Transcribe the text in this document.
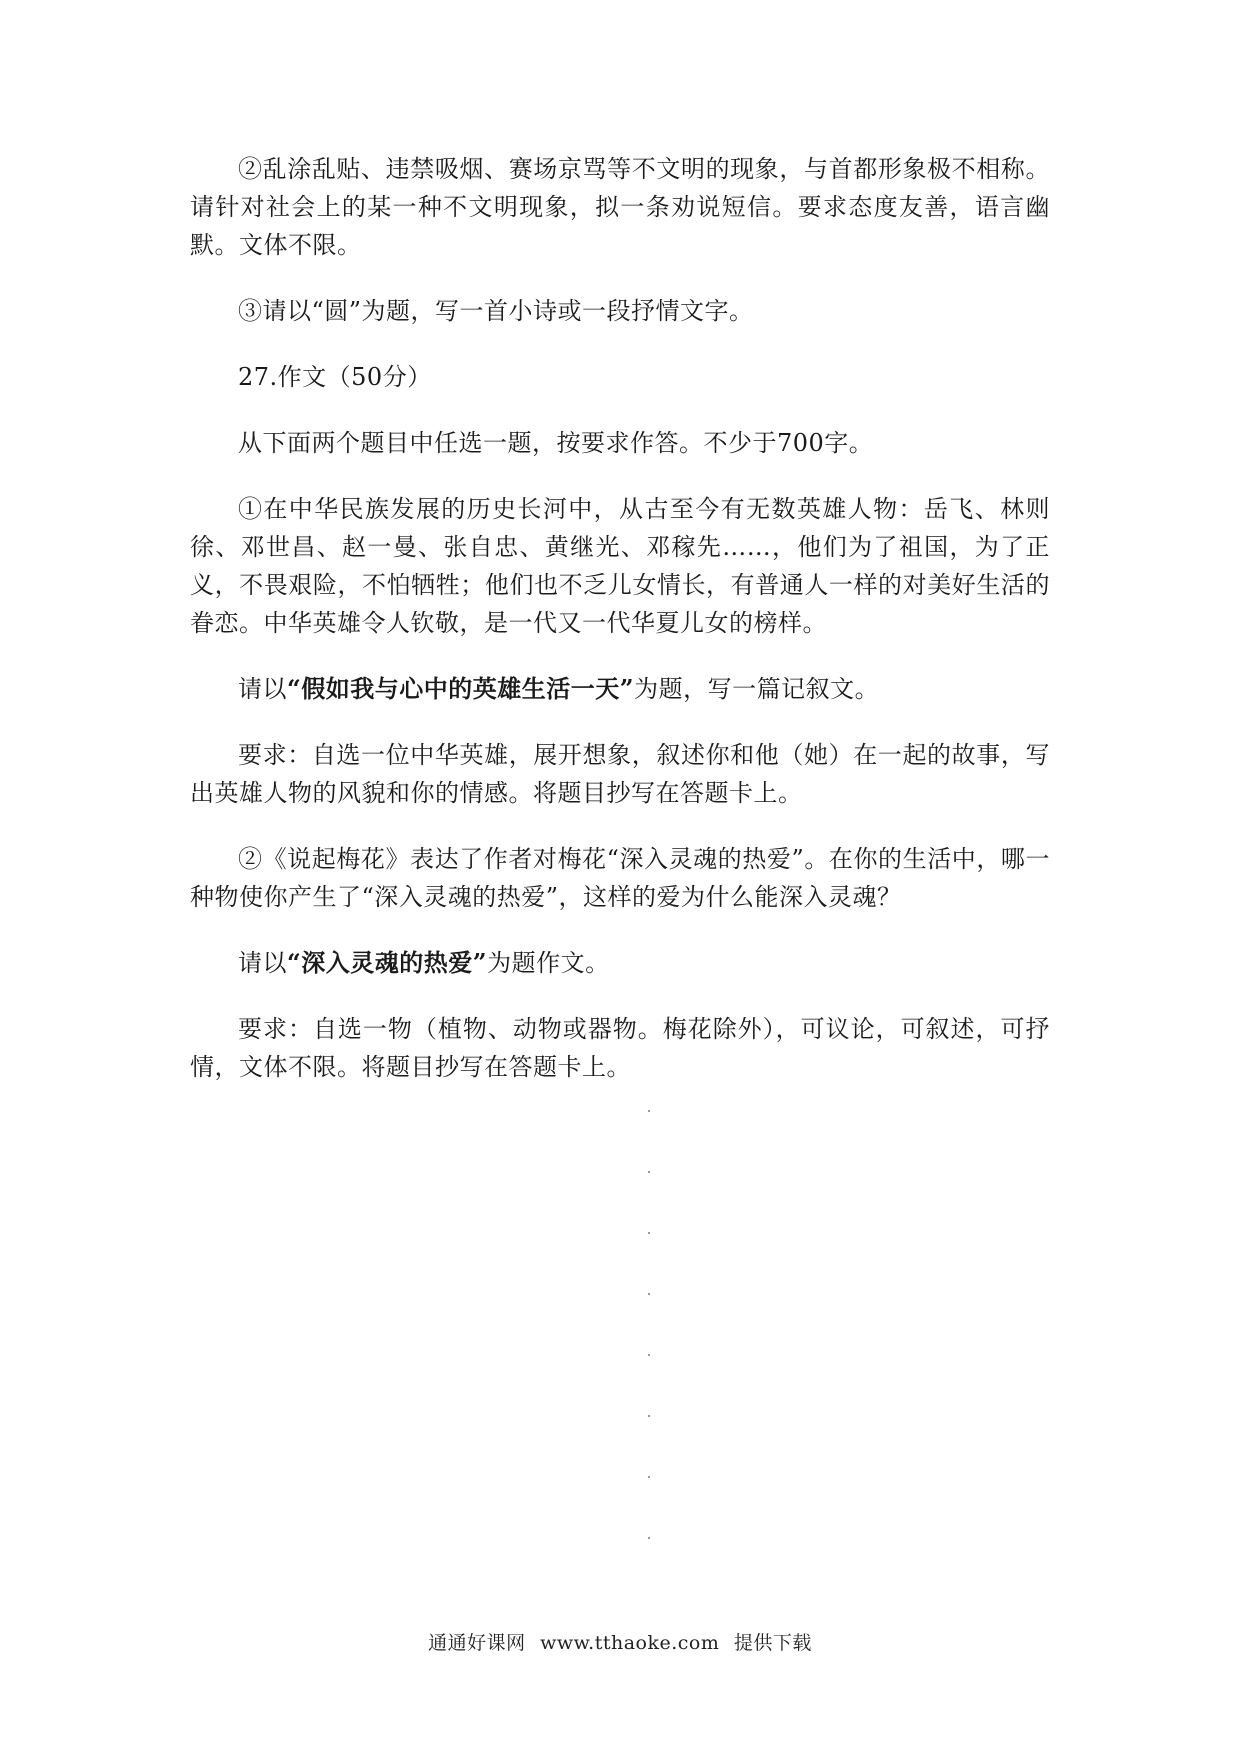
②乱涂乱贴、违禁吸烟、赛场京骂等不文明的现象，与首都形象极不相称。请针对社会上的某一种不文明现象，拟一条劝说短信。要求态度友善，语言幽默。文体不限。

③请以“圆”为题，写一首小诗或一段抒情文字。

27.作文（50分）

从下面两个题目中任选一题，按要求作答。不少于700字。

①在中华民族发展的历史长河中，从古至今有无数英雄人物：岳飞、林则徐、邓世昌、赵一曼、张自忠、黄继光、邓稼先……，他们为了祖国，为了正义，不畏艰险，不怕牺牲；他们也不乏儿女情长，有普通人一样的对美好生活的眷恋。中华英雄令人钦敬，是一代又一代华夏儿女的榜样。

请以“假如我与心中的英雄生活一天”为题，写一篇记叙文。

要求：自选一位中华英雄，展开想象，叙述你和他（她）在一起的故事，写出英雄人物的风貌和你的情感。将题目抄写在答题卡上。

②《说起梅花》表达了作者对梅花“深入灵魂的热爱”。在你的生活中，哪一种物使你产生了“深入灵魂的热爱”，这样的爱为什么能深入灵魂？

请以“深入灵魂的热爱”为题作文。

要求：自选一物（植物、动物或器物。梅花除外），可议论，可叙述，可抒情，文体不限。将题目抄写在答题卡上。

通通好课网 www.tthaoke.com 提供下载
